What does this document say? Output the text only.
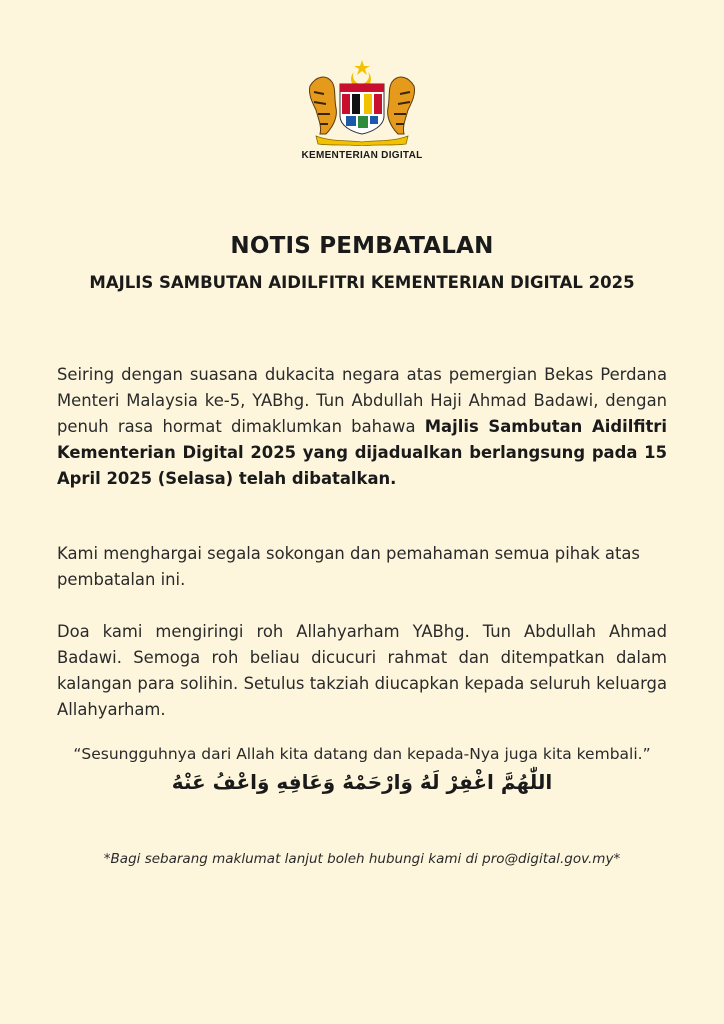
KEMENTERIAN DIGITAL
NOTIS PEMBATALAN
MAJLIS SAMBUTAN AIDILFITRI KEMENTERIAN DIGITAL 2025
Seiring dengan suasana dukacita negara atas pemergian Bekas Perdana Menteri Malaysia ke-5, YABhg. Tun Abdullah Haji Ahmad Badawi, dengan penuh rasa hormat dimaklumkan bahawa Majlis Sambutan Aidilfitri Kementerian Digital 2025 yang dijadualkan berlangsung pada 15 April 2025 (Selasa) telah dibatalkan.
Kami menghargai segala sokongan dan pemahaman semua pihak atas pembatalan ini.
Doa kami mengiringi roh Allahyarham YABhg. Tun Abdullah Ahmad Badawi. Semoga roh beliau dicucuri rahmat dan ditempatkan dalam kalangan para solihin. Setulus takziah diucapkan kepada seluruh keluarga Allahyarham.
“Sesungguhnya dari Allah kita datang dan kepada-Nya juga kita kembali.”
اللّٰهُمَّ اغْفِرْ لَهُ وَارْحَمْهُ وَعَافِهِ وَاعْفُ عَنْهُ
*Bagi sebarang maklumat lanjut boleh hubungi kami di pro@digital.gov.my*
